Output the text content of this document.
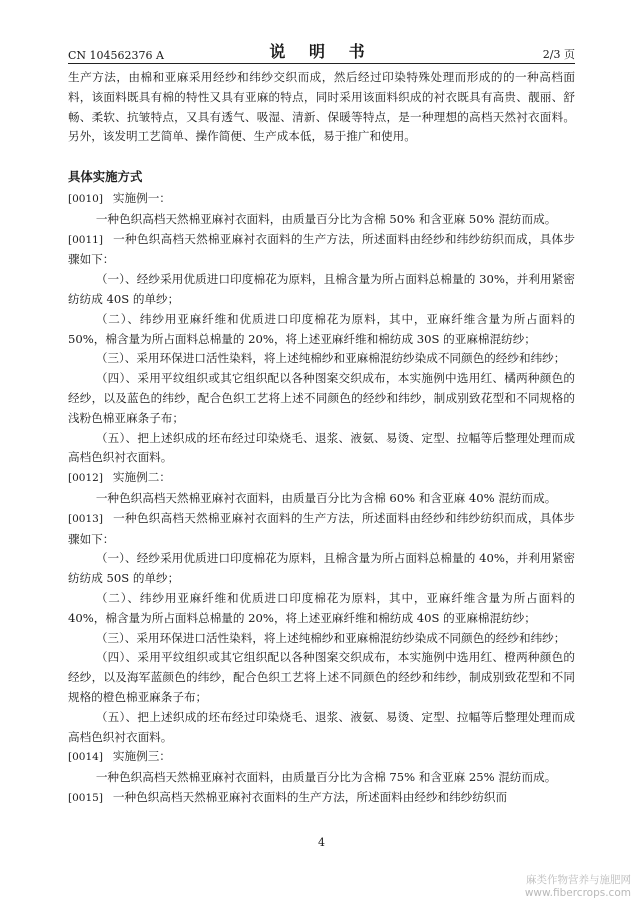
CN 104562376 A	说 明 书	2/3 页

生产方法，由棉和亚麻采用经纱和纬纱交织而成，然后经过印染特殊处理而形成的的一种高档面料，该面料既具有棉的特性又具有亚麻的特点，同时采用该面料织成的衬衣既具有高贵、靓丽、舒畅、柔软、抗皱特点，又具有透气、吸湿、清新、保暖等特点，是一种理想的高档天然衬衣面料。另外，该发明工艺简单、操作简便、生产成本低，易于推广和使用。

具体实施方式

[0010] 实施例一：

一种色织高档天然棉亚麻衬衣面料，由质量百分比为含棉 50% 和含亚麻 50% 混纺而成。

[0011] 一种色织高档天然棉亚麻衬衣面料的生产方法，所述面料由经纱和纬纱纺织而成，具体步骤如下：

（一）、经纱采用优质进口印度棉花为原料，且棉含量为所占面料总棉量的 30%，并利用紧密纺纺成 40S 的单纱；

（二）、纬纱用亚麻纤维和优质进口印度棉花为原料，其中，亚麻纤维含量为所占面料的 50%，棉含量为所占面料总棉量的 20%，将上述亚麻纤维和棉纺成 30S 的亚麻棉混纺纱；

（三）、采用环保进口活性染料，将上述纯棉纱和亚麻棉混纺纱染成不同颜色的经纱和纬纱；

（四）、采用平纹组织或其它组织配以各种图案交织成布，本实施例中选用红、橘两种颜色的经纱，以及蓝色的纬纱，配合色织工艺将上述不同颜色的经纱和纬纱，制成别致花型和不同规格的浅粉色棉亚麻条子布；

（五）、把上述织成的坯布经过印染烧毛、退浆、液氨、易烫、定型、拉幅等后整理处理而成高档色织衬衣面料。

[0012] 实施例二：

一种色织高档天然棉亚麻衬衣面料，由质量百分比为含棉 60% 和含亚麻 40% 混纺而成。

[0013] 一种色织高档天然棉亚麻衬衣面料的生产方法，所述面料由经纱和纬纱纺织而成，具体步骤如下：

（一）、经纱采用优质进口印度棉花为原料，且棉含量为所占面料总棉量的 40%，并利用紧密纺纺成 50S 的单纱；

（二）、纬纱用亚麻纤维和优质进口印度棉花为原料，其中，亚麻纤维含量为所占面料的 40%，棉含量为所占面料总棉量的 20%，将上述亚麻纤维和棉纺成 40S 的亚麻棉混纺纱；

（三）、采用环保进口活性染料，将上述纯棉纱和亚麻棉混纺纱染成不同颜色的经纱和纬纱；

（四）、采用平纹组织或其它组织配以各种图案交织成布，本实施例中选用红、橙两种颜色的经纱，以及海军蓝颜色的纬纱，配合色织工艺将上述不同颜色的经纱和纬纱，制成别致花型和不同规格的橙色棉亚麻条子布；

（五）、把上述织成的坯布经过印染烧毛、退浆、液氨、易烫、定型、拉幅等后整理处理而成高档色织衬衣面料。

[0014] 实施例三：

一种色织高档天然棉亚麻衬衣面料，由质量百分比为含棉 75% 和含亚麻 25% 混纺而成。

[0015] 一种色织高档天然棉亚麻衬衣面料的生产方法，所述面料由经纱和纬纱纺织而

4
麻类作物营养与施肥网
www.fibercrops.com
